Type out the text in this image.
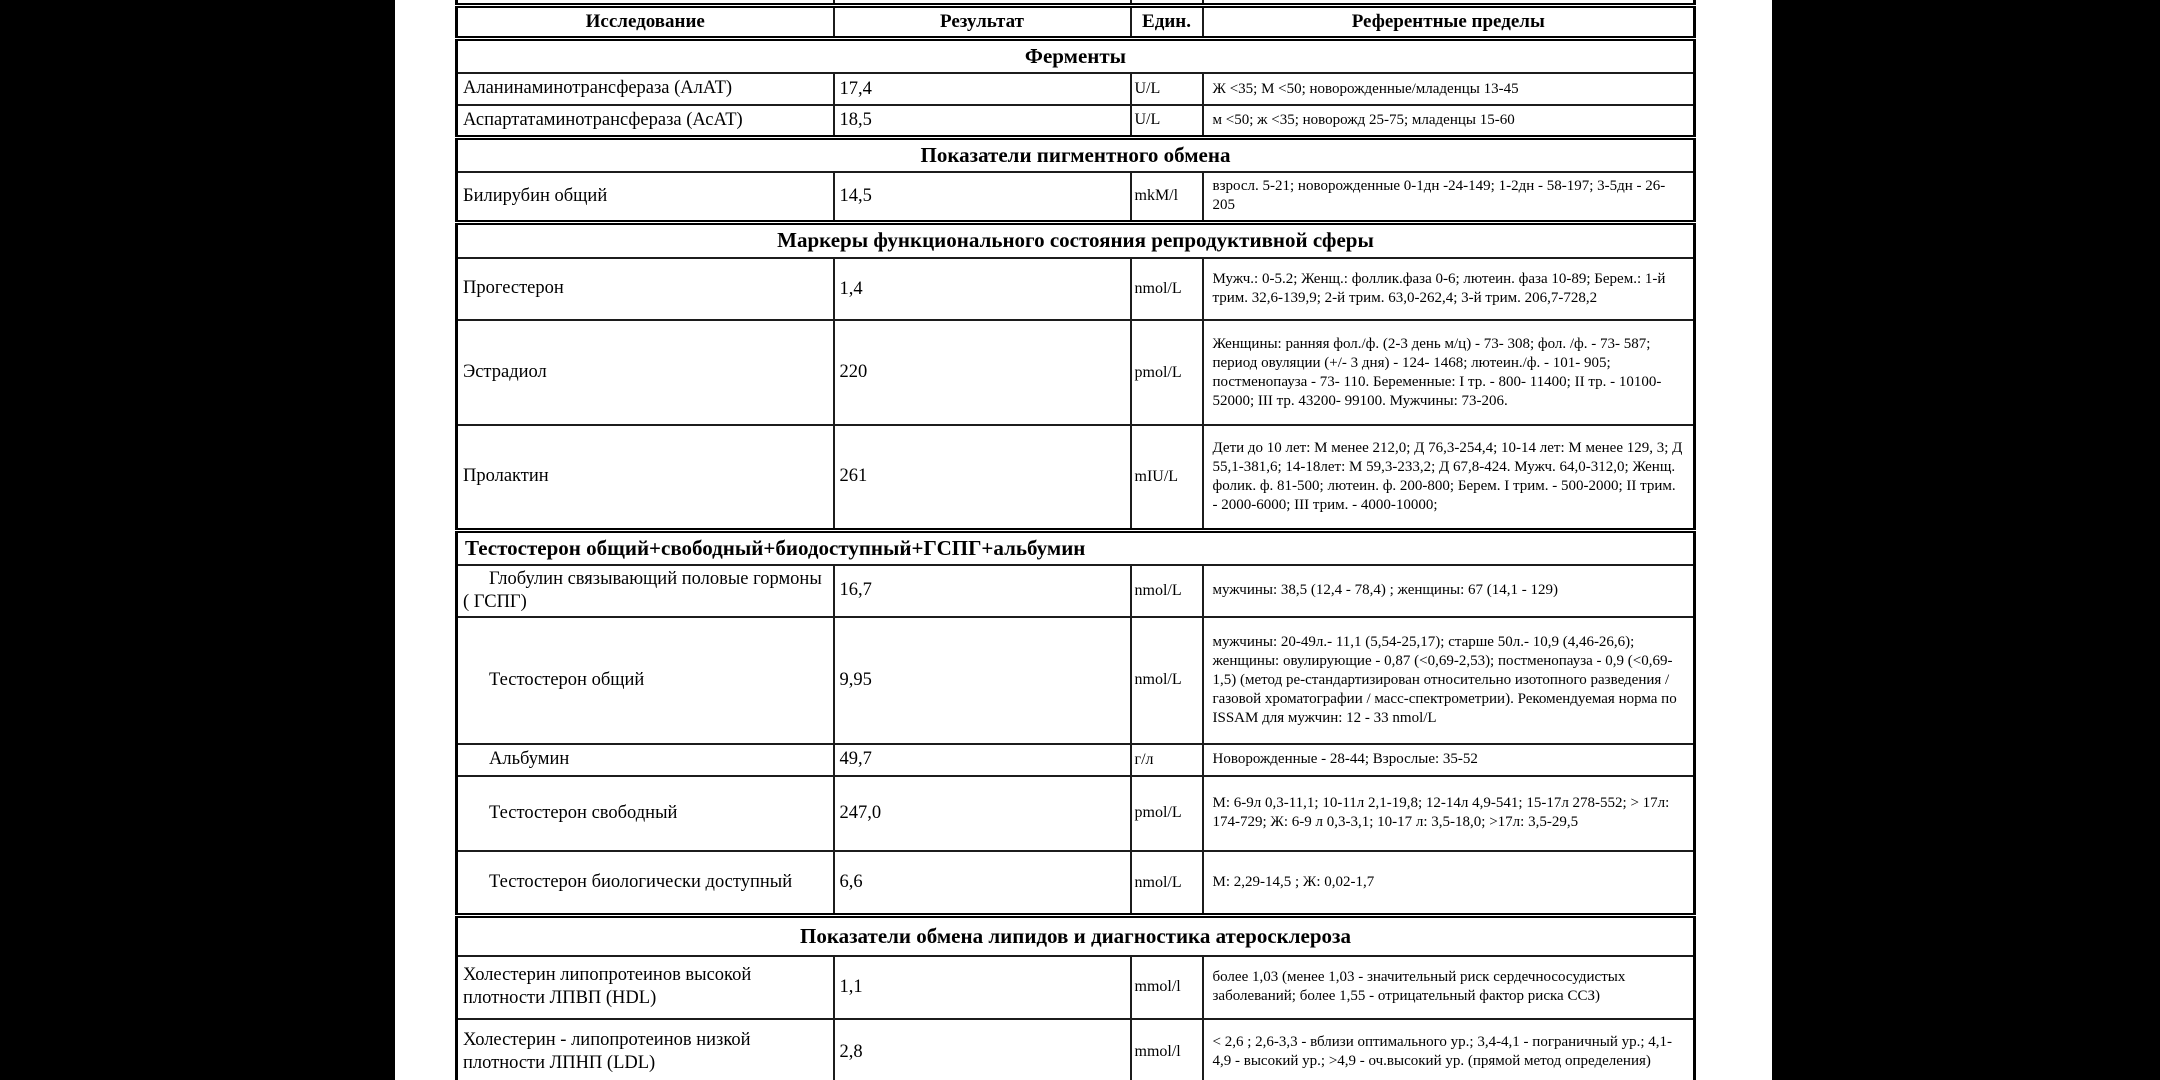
Исследование	Результат	Един.	Референтные пределы
Ферменты			
Аланинаминотрансфераза (АлАТ)	17,4	U/L	Ж <35; М <50; новорожденные/младенцы 13-45
Аспартатаминотрансфераза (АсАТ)	18,5	U/L	м <50; ж <35; новорожд 25-75; младенцы 15-60
Показатели пигментного обмена			
Билирубин общий	14,5	mkM/l	взросл. 5-21; новорожденные 0-1дн -24-149; 1-2дн - 58-197; 3-5дн - 26-205
Маркеры функционального состояния репродуктивной сферы			
Прогестерон	1,4	nmol/L	Мужч.: 0-5.2; Женщ.: фоллик.фаза 0-6; лютеин. фаза 10-89; Берем.: 1-й трим. 32,6-139,9; 2-й трим. 63,0-262,4; 3-й трим. 206,7-728,2
Эстрадиол	220	pmol/L	Женщины: ранняя фол./ф. (2-3 день м/ц) - 73- 308; фол. /ф. - 73- 587; период овуляции (+/- 3 дня) - 124- 1468; лютеин./ф. - 101- 905; постменопауза - 73- 110. Беременные: I тр. - 800- 11400; II тр. - 10100- 52000; III тр. 43200- 99100. Мужчины: 73-206.
Пролактин	261	mIU/L	Дети до 10 лет: М менее 212,0; Д 76,3-254,4; 10-14 лет: М менее 129, 3; Д 55,1-381,6; 14-18лет: М 59,3-233,2; Д 67,8-424. Мужч. 64,0-312,0; Женщ. фолик. ф. 81-500; лютеин. ф. 200-800; Берем. I трим. - 500-2000; II трим. - 2000-6000; III трим. - 4000-10000;
Тестостерон общий+свободный+биодоступный+ГСПГ+альбумин			
Глобулин связывающий половые гормоны ( ГСПГ)	16,7	nmol/L	мужчины: 38,5 (12,4 - 78,4) ; женщины: 67 (14,1 - 129)
Тестостерон общий	9,95	nmol/L	мужчины: 20-49л.- 11,1 (5,54-25,17); старше 50л.- 10,9 (4,46-26,6); женщины: овулирующие - 0,87 (<0,69-2,53); постменопауза - 0,9 (<0,69-1,5) (метод ре-стандартизирован относительно изотопного разведения / газовой хроматографии / масс-спектрометрии). Рекомендуемая норма по ISSAM для мужчин: 12 - 33 nmol/L
Альбумин	49,7	г/л	Новорожденные - 28-44; Взрослые: 35-52
Тестостерон свободный	247,0	pmol/L	М: 6-9л 0,3-11,1; 10-11л 2,1-19,8; 12-14л 4,9-541; 15-17л 278-552; > 17л: 174-729; Ж: 6-9 л 0,3-3,1; 10-17 л: 3,5-18,0; >17л: 3,5-29,5
Тестостерон биологически доступный	6,6	nmol/L	М: 2,29-14,5 ; Ж: 0,02-1,7
Показатели обмена липидов и диагностика атеросклероза			
Холестерин липопротеинов высокой плотности ЛПВП (HDL)	1,1	mmol/l	более 1,03 (менее 1,03 - значительный риск сердечнососудистых заболеваний; более 1,55 - отрицательный фактор риска ССЗ)
Холестерин - липопротеинов низкой плотности ЛПНП (LDL)	2,8	mmol/l	< 2,6 ; 2,6-3,3 - вблизи оптимального ур.; 3,4-4,1 - пограничный ур.; 4,1-4,9 - высокий ур.; >4,9 - оч.высокий ур. (прямой метод определения)
